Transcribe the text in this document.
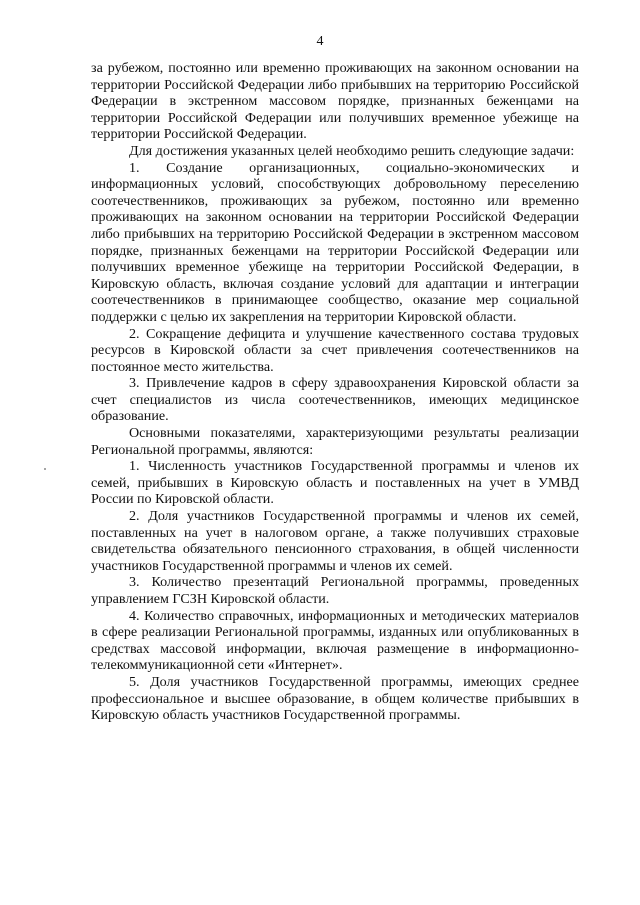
4

за рубежом, постоянно или временно проживающих на законном основании на территории Российской Федерации либо прибывших на территорию Российской Федерации в экстренном массовом порядке, признанных беженцами на территории Российской Федерации или получивших временное убежище на территории Российской Федерации.

Для достижения указанных целей необходимо решить следующие задачи:

1. Создание организационных, социально-экономических и информационных условий, способствующих добровольному переселению соотечественников, проживающих за рубежом, постоянно или временно проживающих на законном основании на территории Российской Федерации либо прибывших на территорию Российской Федерации в экстренном массовом порядке, признанных беженцами на территории Российской Федерации или получивших временное убежище на территории Российской Федерации, в Кировскую область, включая создание условий для адаптации и интеграции соотечественников в принимающее сообщество, оказание мер социальной поддержки с целью их закрепления на территории Кировской области.

2. Сокращение дефицита и улучшение качественного состава трудовых ресурсов в Кировской области за счет привлечения соотечественников на постоянное место жительства.

3. Привлечение кадров в сферу здравоохранения Кировской области за счет специалистов из числа соотечественников, имеющих медицинское образование.

Основными показателями, характеризующими результаты реализации Региональной программы, являются:

1. Численность участников Государственной программы и членов их семей, прибывших в Кировскую область и поставленных на учет в УМВД России по Кировской области.

2. Доля участников Государственной программы и членов их семей, поставленных на учет в налоговом органе, а также получивших страховые свидетельства обязательного пенсионного страхования, в общей численности участников Государственной программы и членов их семей.

3. Количество презентаций Региональной программы, проведенных управлением ГСЗН Кировской области.

4. Количество справочных, информационных и методических материалов в сфере реализации Региональной программы, изданных или опубликованных в средствах массовой информации, включая размещение в информационно-телекоммуникационной сети «Интернет».

5. Доля участников Государственной программы, имеющих среднее профессиональное и высшее образование, в общем количестве прибывших в Кировскую область участников Государственной программы.
